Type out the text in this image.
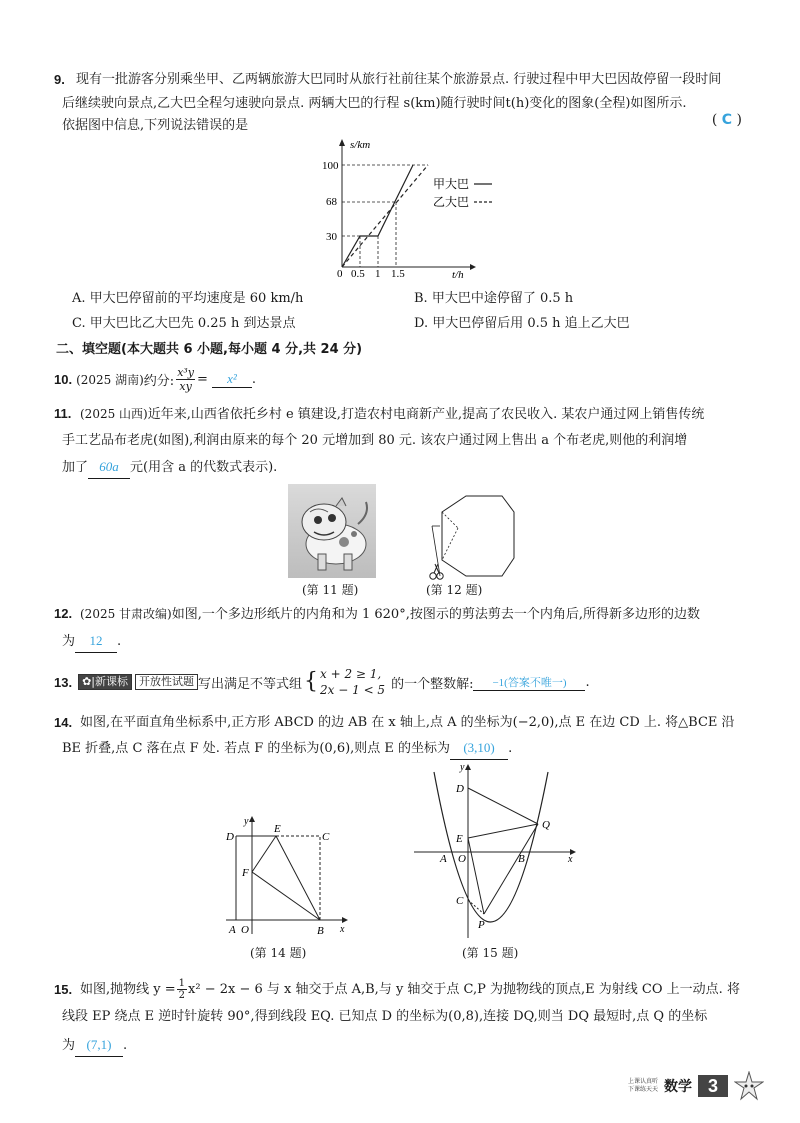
9. 现有一批游客分别乘坐甲、乙两辆旅游大巴同时从旅行社前往某个旅游景点. 行驶过程中甲大巴因故停留一段时间
后继续驶向景点,乙大巴全程匀速驶向景点. 两辆大巴的行程 s(km)随行驶时间t(h)变化的图象(全程)如图所示.
依据图中信息,下列说法错误的是	( C )
s/km
t/h
100
68
30
0 0.5 1 1.5
甲大巴
乙大巴
A. 甲大巴停留前的平均速度是 60 km/h	B. 甲大巴中途停留了 0.5 h
C. 甲大巴比乙大巴先 0.25 h 到达景点	D. 甲大巴停留后用 0.5 h 追上乙大巴
二、填空题(本大题共 6 小题,每小题 4 分,共 24 分)
10. (2025 湖南) 约分: $\frac{\text{x³y}}{xy}$ =	x²	.
11. (2025 山西)近年来,山西省依托乡村 e 镇建设,打造农村电商新产业,提高了农民收入. 某农户通过网上销售传统
手工艺品布老虎(如图),利润由原来的每个 20 元增加到 80 元. 该农户通过网上售出 a 个布老虎,则他的利润增
加了 60a 元(用含 a 的代数式表示).
(第 11 题)	(第 12 题)
12. (2025 甘肃改编)如图,一个多边形纸片的内角和为 1 620°,按图示的剪法剪去一个内角后,所得新多边形的边数
为 12 .
13. ✿|新课标	开放性试题 写出满足不等式组 { x + 2 ≥ 1,
2x − 1 < 5 的一个整数解:	−1(答案不唯一)	.
14. 如图,在平面直角坐标系中,正方形 ABCD 的边 AB 在 x 轴上,点 A 的坐标为(−2,0),点 E 在边 CD 上. 将△BCE 沿
BE 折叠,点 C 落在点 F 处. 若点 F 的坐标为(0,6),则点 E 的坐标为 (3,10) .
D
E
C
F
y
A O	B x
(第 14 题)
y
D
Q
E
A O	B	x
C
P
(第 15 题)
15. 如图,抛物线 $y = \frac{1}{2} x^2 - 2x - 6$ 与 x 轴交于点 A,B,与 y 轴交于点 C,P 为抛物线的顶点,E 为射线 CO 上一动点. 将
线段 EP 绕点 E 逆时针旋转 90°,得到线段 EQ. 已知点 D 的坐标为(0,8),连接 DQ,则当 DQ 最短时,点 Q 的坐标
为 (7,1) .
上课认真听
下课练天天 数学 3
